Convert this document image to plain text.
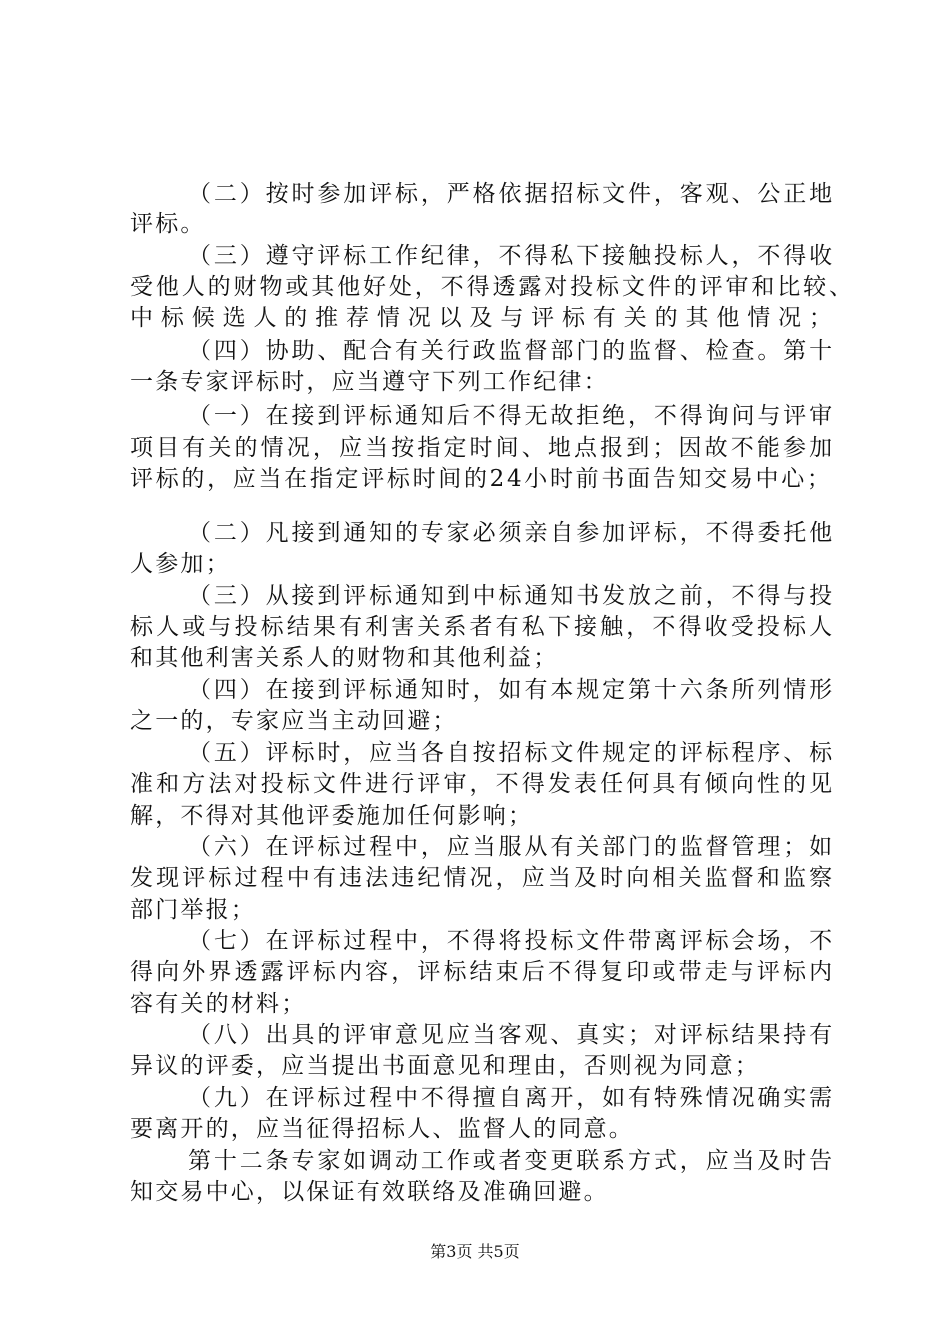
（二）按时参加评标，严格依据招标文件，客观、公正地
评标。
（三）遵守评标工作纪律，不得私下接触投标人，不得收
受他人的财物或其他好处，不得透露对投标文件的评审和比较、
中标候选人的推荐情况以及与评标有关的其他情况；
（四）协助、配合有关行政监督部门的监督、检查。第十
一条专家评标时，应当遵守下列工作纪律：
（一）在接到评标通知后不得无故拒绝，不得询问与评审
项目有关的情况，应当按指定时间、地点报到；因故不能参加
评标的，应当在指定评标时间的24小时前书面告知交易中心；
（二）凡接到通知的专家必须亲自参加评标，不得委托他
人参加；
（三）从接到评标通知到中标通知书发放之前，不得与投
标人或与投标结果有利害关系者有私下接触，不得收受投标人
和其他利害关系人的财物和其他利益；
（四）在接到评标通知时，如有本规定第十六条所列情形
之一的，专家应当主动回避；
（五）评标时，应当各自按招标文件规定的评标程序、标
准和方法对投标文件进行评审，不得发表任何具有倾向性的见
解，不得对其他评委施加任何影响；
（六）在评标过程中，应当服从有关部门的监督管理；如
发现评标过程中有违法违纪情况，应当及时向相关监督和监察
部门举报；
（七）在评标过程中，不得将投标文件带离评标会场，不
得向外界透露评标内容，评标结束后不得复印或带走与评标内
容有关的材料；
（八）出具的评审意见应当客观、真实；对评标结果持有
异议的评委，应当提出书面意见和理由，否则视为同意；
（九）在评标过程中不得擅自离开，如有特殊情况确实需
要离开的，应当征得招标人、监督人的同意。
第十二条专家如调动工作或者变更联系方式，应当及时告
知交易中心，以保证有效联络及准确回避。
第3页 共5页
